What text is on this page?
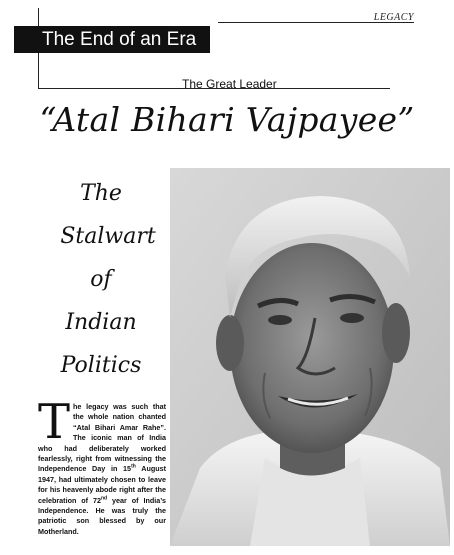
LEGACY
The End of an Era
The Great Leader
“Atal Bihari Vajpayee”
The
Stalwart
of
Indian
Politics
The legacy was such that the whole nation chanted “Atal Bihari Amar Rahe”. The iconic man of India who had deliberately worked fearlessly, right from witnessing the Independence Day in 15th August 1947, had ultimately chosen to leave for his heavenly abode right after the celebration of 72nd year of India’s Independence. He was truly the patriotic son blessed by our Motherland.
